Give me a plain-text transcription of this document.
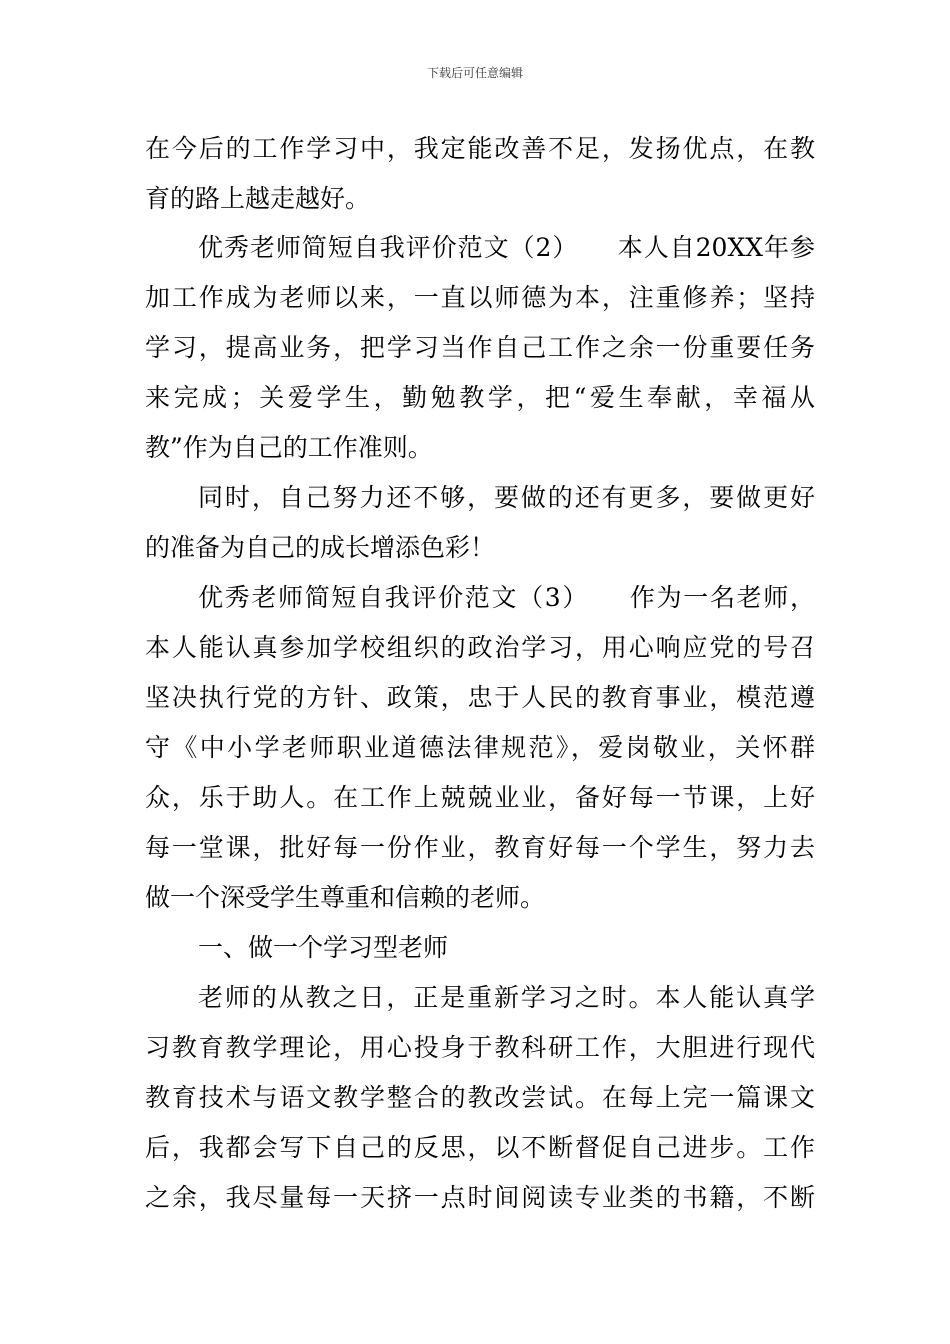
下载后可任意编辑
在今后的工作学习中，我定能改善不足，发扬优点，在教
育的路上越走越好。
优秀老师简短自我评价范文（2）　　本人自20XX年参
加工作成为老师以来，一直以师德为本，注重修养；坚持
学习，提高业务，把学习当作自己工作之余一份重要任务
来完成；关爱学生，勤勉教学，把“爱生奉献，幸福从
教”作为自己的工作准则。
同时，自己努力还不够，要做的还有更多，要做更好
的准备为自己的成长增添色彩！
优秀老师简短自我评价范文（3）　　作为一名老师，
本人能认真参加学校组织的政治学习，用心响应党的号召
坚决执行党的方针、政策，忠于人民的教育事业，模范遵
守《中小学老师职业道德法律规范》，爱岗敬业，关怀群
众，乐于助人。在工作上兢兢业业，备好每一节课，上好
每一堂课，批好每一份作业，教育好每一个学生，努力去
做一个深受学生尊重和信赖的老师。
一、做一个学习型老师
老师的从教之日，正是重新学习之时。本人能认真学
习教育教学理论，用心投身于教科研工作，大胆进行现代
教育技术与语文教学整合的教改尝试。在每上完一篇课文
后，我都会写下自己的反思，以不断督促自己进步。工作
之余，我尽量每一天挤一点时间阅读专业类的书籍，不断
